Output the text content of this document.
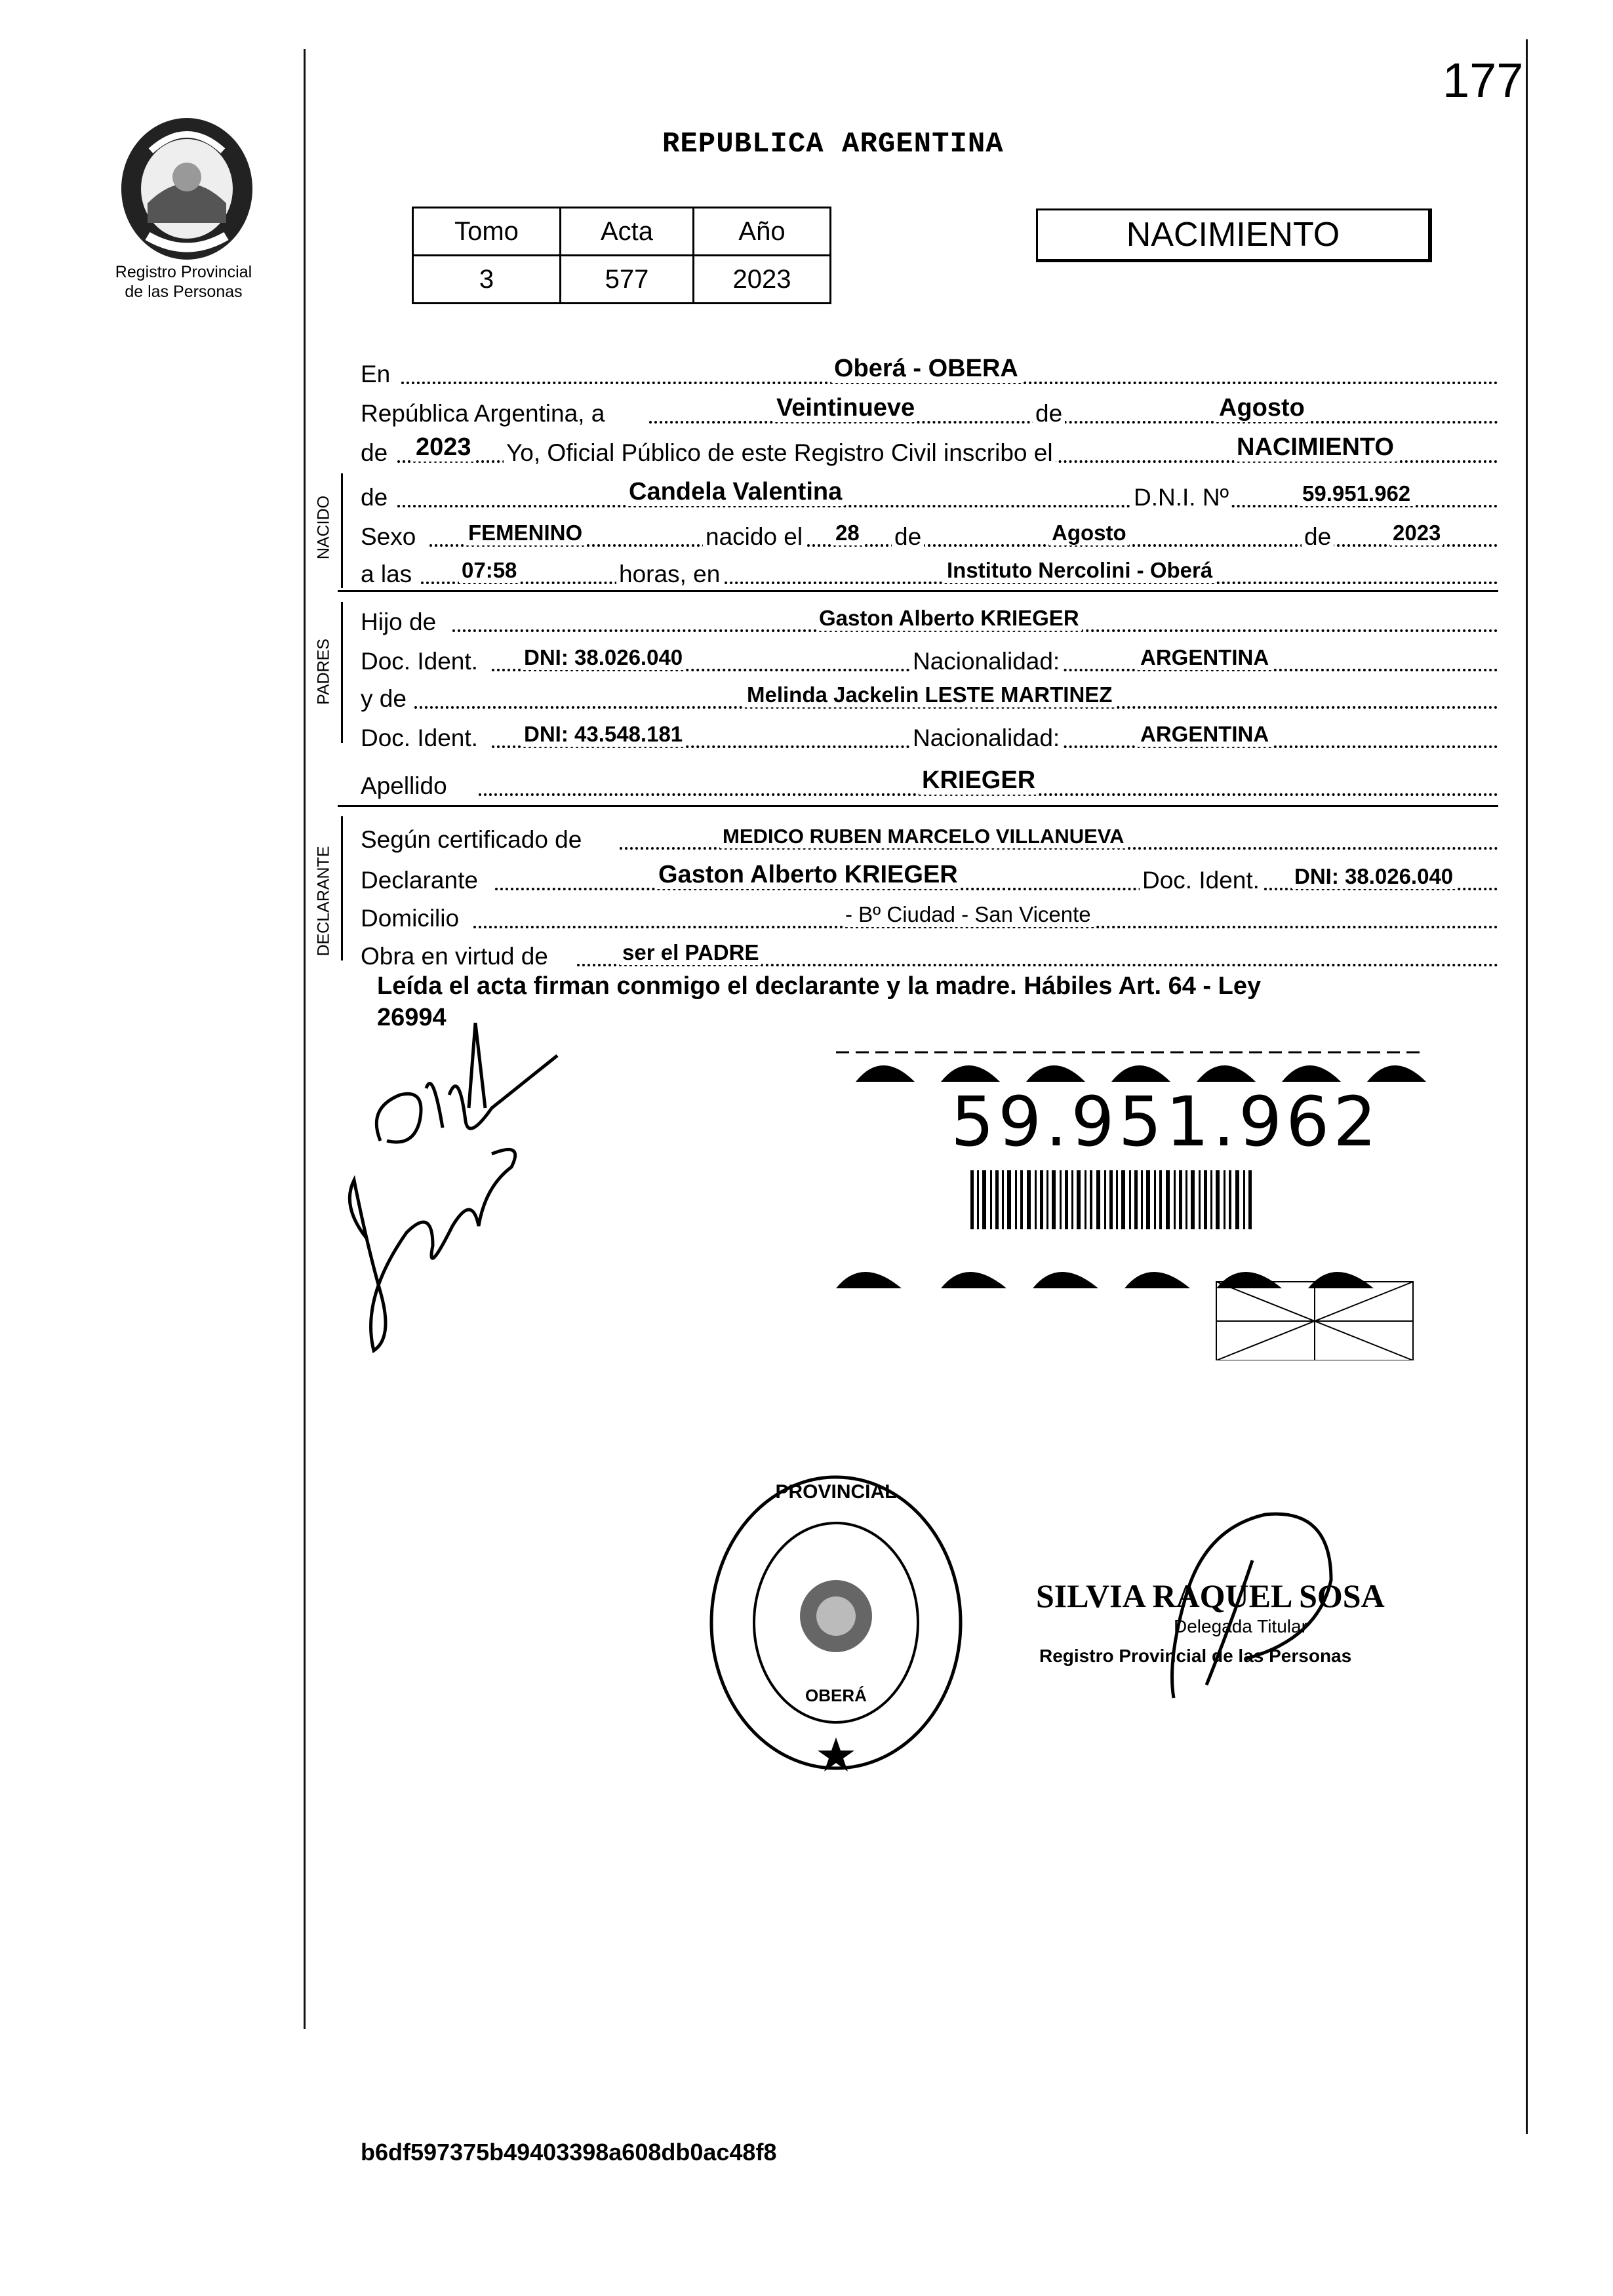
177
Registro Provincial
de las Personas
REPUBLICA ARGENTINA
Tomo	Acta	Año
3	577	2023
NACIMIENTO
En	Oberá - OBERA
República Argentina, a	Veintinueve	de	Agosto
de 2023 Yo, Oficial Público de este Registro Civil inscribo el	NACIMIENTO
NACIDO de	Candela Valentina	D.N.I. Nº	59.951.962
Sexo FEMENINO	nacido el 28 de	Agosto	de	2023
a las 07:58	horas, en	Instituto Nercolini - Oberá
PADRES
Hijo de	Gaston Alberto KRIEGER
Doc. Ident. DNI: 38.026.040	Nacionalidad:	ARGENTINA
y de	Melinda Jackelin LESTE MARTINEZ
Doc. Ident. DNI: 43.548.181	Nacionalidad:	ARGENTINA
Apellido	KRIEGER
DECLARANTE
Según certificado de	MEDICO RUBEN MARCELO VILLANUEVA
Declarante	Gaston Alberto KRIEGER	Doc. Ident. DNI: 38.026.040
Domicilio	- Bº Ciudad - San Vicente
Obra en virtud de	ser el PADRE
Leída el acta firman conmigo el declarante y la madre. Hábiles Art. 64 - Ley
26994
59.951.962
PROVINCIAL
OBERÁ
SILVIA RAQUEL SOSA
Delegada Titular
Registro Provincial de las Personas
b6df597375b49403398a608db0ac48f8
